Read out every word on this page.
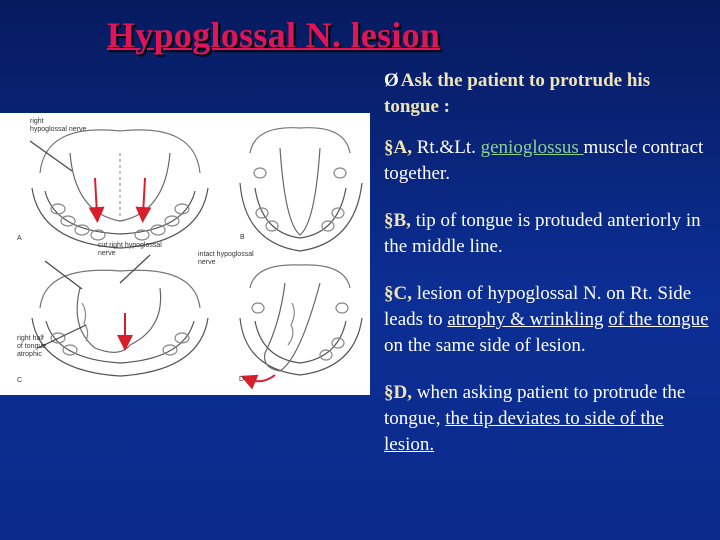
Hypoglossal N. lesion
Ø Ask the patient to protrude his tongue :
right hypoglossal nerve
cut right hypoglossal nerve	intact hypoglossal nerve
right half of tongue atrophic
A	B
C	D
§A, Rt.&Lt. genioglossus muscle contract together.
§B, tip of tongue is protuded anteriorly in the middle line.
§C, lesion of hypoglossal N. on Rt. Side leads to atrophy & wrinkling of the tongue on the same side of lesion.
§D, when asking patient to protrude the tongue, the tip deviates to side of the lesion.
